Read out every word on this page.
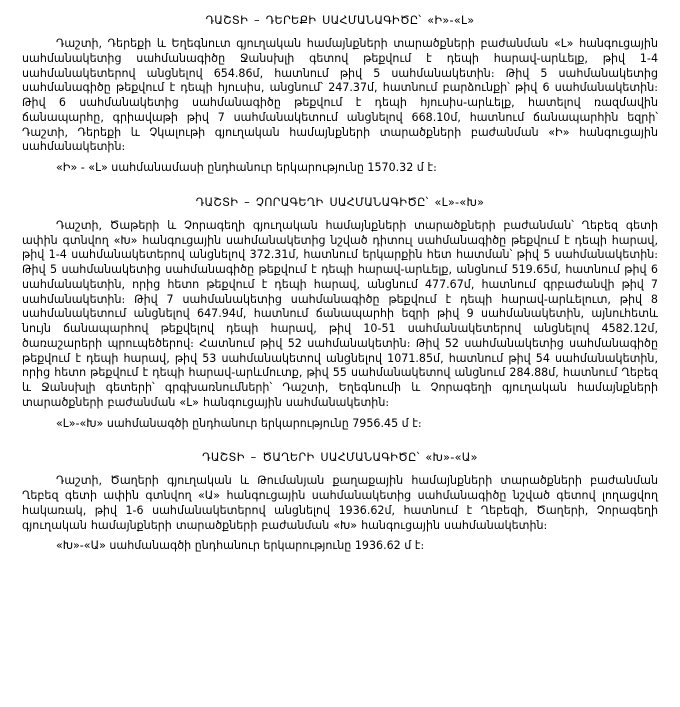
ԴԱՇՏԻ – ԴԵՐԵՔԻ ՍԱՀՄԱՆԱԳԻԾԸ՝ «Ի»-«Լ»

Դաշտի, Դերեքի և Եղեգնուտ գյուղական համայնքների տարածքների բաժանման «Լ» հանգուցային սահմանակետից սահմանագիծը Ջանսխլի գետով թեքվում է դեպի հարավ-արևելք, թիվ 1-4 սահմանակետերով անցնելով 654.86մ, հատնում թիվ 5 սահմանակետին։ Թիվ 5 սահմանակետից սահմանագիծը թեքվում է դեպի հյուսիս, անցնում՝ 247.37մ, հատնում բարձունքի՝ թիվ 6 սահմանակետին։ Թիվ 6 սահմանակետից սահմանագիծը թեքվում է դեպի հյուսիս-արևելք, հատելով ռազմավին ճանապարհը, գրիավաթի թիվ 7 սահմանակետում անցնելով 668.10մ, հատնում ճանապարհին եզրի՝ Դաշտի, Դերեքի և Չկալութի գյուղական համայնքների տարածքների բաժանման «Ի» հանգուցային սահմանակետին։

«Ի» - «Լ» սահմանամասի ընդհանուր երկարությունը 1570.32 մ է։

ԴԱՇՏԻ – ՉՈՐԱԳԵՂԻ ՍԱՀՄԱՆԱԳԻԾԸ՝ «Լ»-«Խ»

Դաշտի, Ծաթերի և Չորագեղի գյուղական համայնքների տարածքների բաժանման՝ Ղեբեզ գետի ափին գտնվող «Խ» հանգուցային սահմանակետից նշված դիտուլ սահմանագիծը թեքվում է դեպի հարավ, թիվ 1-4 սահմանակետերով անցնելով 372.31մ, հատնում երկարքին հետ հատման՝ թիվ 5 սահմանակետին։ Թիվ 5 սահմանակետից սահմանագիծը թեքվում է դեպի հարավ-արևելք, անցնում 519.65մ, հատնում թիվ 6 սահմանակետին, որից հետո թեքվում է դեպի հարավ, անցնում 477.67մ, հատնում գրբաժանվի թիվ 7 սահմանակետին։ Թիվ 7 սահմանակետից սահմանագիծը թեքվում է դեպի հարավ-արևելուտ, թիվ 8 սահմանակետում անցնելով 647.94մ, հատնում ճանապարհի եզրի թիվ 9 սահմանակետին, այնուհետև նույն ճանապարհով թեքվելով դեպի հարավ, թիվ 10-51 սահմանակետերով անցնելով 4582.12մ, ծառաշարերի պրուպեծերով։ Հատնում թիվ 52 սահմանակետին։ Թիվ 52 սահմանակետից սահմանագիծը թեքվում է դեպի հարավ, թիվ 53 սահմանակետով անցնելով 1071.85մ, հատնում թիվ 54 սահմանակետին, որից հետո թեքվում է դեպի հարավ-արևմուտք, թիվ 55 սահմանակետով անցնում 284.88մ, հատնում Ղեբեզ և Ջանսխլի գետերի՝ գրգխառնումների՝ Դաշտի, Եղեգնումի և Չորագեղի գյուղական համայնքների տարածքների բաժանման «Լ» հանգուցային սահմանակետին։

«Լ»-«Խ» սահմանագծի ընդհանուր երկարությունը 7956.45 մ է։

ԴԱՇՏԻ – ԾԱՂԵՐԻ ՍԱՀՄԱՆԱԳԻԾԸ՝ «Խ»-«Ա»

Դաշտի, Ծաղերի գյուղական և Թումանյան քաղաքային համայնքների տարածքների բաժանման Ղեբեզ գետի ափին գտնվող «Ա» հանգուցային սահմանակետից սահմանագիծը նշված գետով լողացվող հակառակ, թիվ 1-6 սահմանակետերով անցնելով 1936.62մ, հատնում է Ղեբեզի, Ծաղերի, Չորագեղի գյուղական համայնքների տարածքների բաժանման «Խ» հանգուցային սահմանակետին։

«Խ»-«Ա» սահմանագծի ընդհանուր երկարությունը 1936.62 մ է։
